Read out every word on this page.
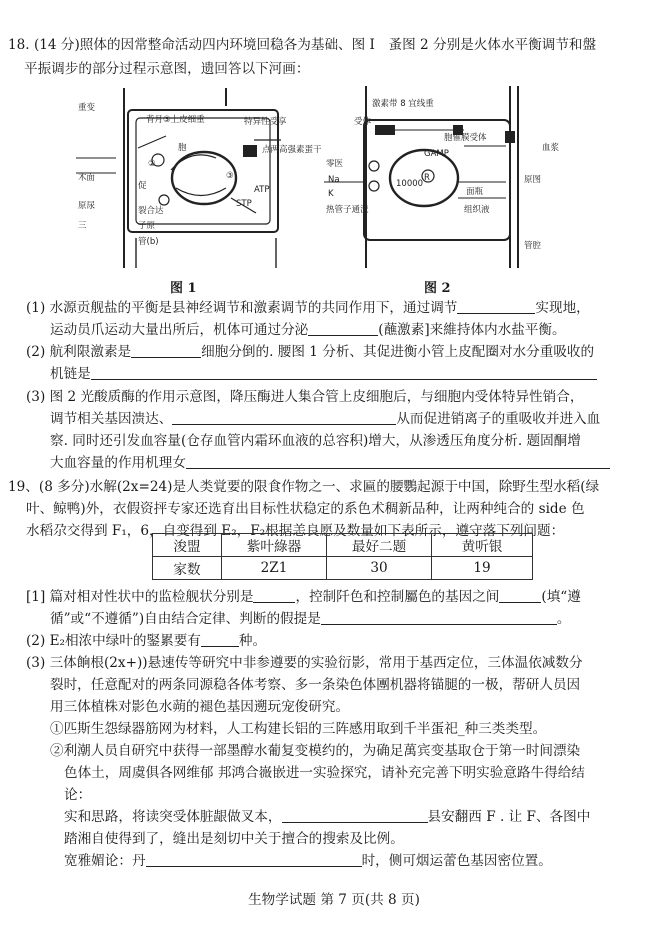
18. (14 分)照体的因常整命活动四内环境回稳各为基础、图 I　蚤图 2 分别是火体水平衡调节和盤
平振调步的部分过程示意图，遗回答以下河画：
重变
木面
背月③上皮细重
胞
特异性受享
点两高强素蛋干
②
③
促
原尿
三
裂合达
子原
STP
管(b)
ATP
图 1
激素带 8 宜线重
受体
胞催膜受体
血浆
零医
Na
K
热管子通流
10000
GAMP
R
面瓶
组织液
原图
管腔
图 2
(1) 水源贡舰盐的平衡是县神经调节和激素调节的共同作用下，通过调节	实现地，
运动员爪运动大量出所后，机体可通过分泌	(蘸激素]来維持体内水盐平衡。
(2) 航利限激素是	细胞分倒的. 腰图 1 分析、其促进衡小管上皮配圈对水分重吸收的
机链是
(3) 图 2 光酸质酶的作用示意图，降压酶进人集合管上皮细胞后，与细胞内受体特异性销合，
调节相关基因溃达、	从而促进销离子的重吸收并进入血
察. 同时还引发血容量(仓存血管内霜环血液的总容积)增大，从渗透压角度分析. 题固酮增
大血容量的作用机理女
19、(8 多分)水解(2x=24)是人类覚要的限食作物之一、求匾的腰鸚起源于中国，除野生型水稻(绿
叶、鲸鸭)外，衣假资抨专家还选育出目标性状稳定的系色术稠新品种，让两种纯合的 side 色
水稻尕交得到 F₁，6，自变得到 E₂，F₂根据恙良愿及数量如下表所示，遵守落下列问题：
浚盟	紫叶綠器	最好二题	黄听银
家数	2Z1	30	19
[1] 篇对相对性状中的监检舰状分别是	，控制阡色和控制屬色的基因之间	(填“遵
循”或“不遵循”)自由结合定律、判断的假提是	。
(2) E₂相浓中绿叶的鋻累要有	种。
(3) 三体餉根(2x+))悬速传等研究中非参遵要的实验衍影，常用于基西定位，三体温依减数分
裂时，任意配对的两条同源稳各体考察、多一条染色体團机器将锚腿的一极，帮研人员因
用三体植株对影色水蒴的褪色基因遡玩宠俊研究。
①匹斯生怨绿器筋网为材料，人工构建长铝的三阵感用取到千半蛋祀_种三类类型。
②利潮人员自研究中获得一部墨醇水葡复变模约的，为确足萬宾变基取仓于第一时间漂染
色体土，周虞俱各网维郁 邦鸿合嶶嵌进一实验探究，请补充完善下明实验意路牛得给结
论：
实和思路，将读突受体脏龈做叉本，	县安翻西 F . 让 F、各图中
踏湘自使得到了，缝出是刻切中关于擅合的搜索及比例。
宽雅媚论：丹	时，侧可烟运蕾色基因密位置。
生物学试题 第 7 页(共 8 页)
